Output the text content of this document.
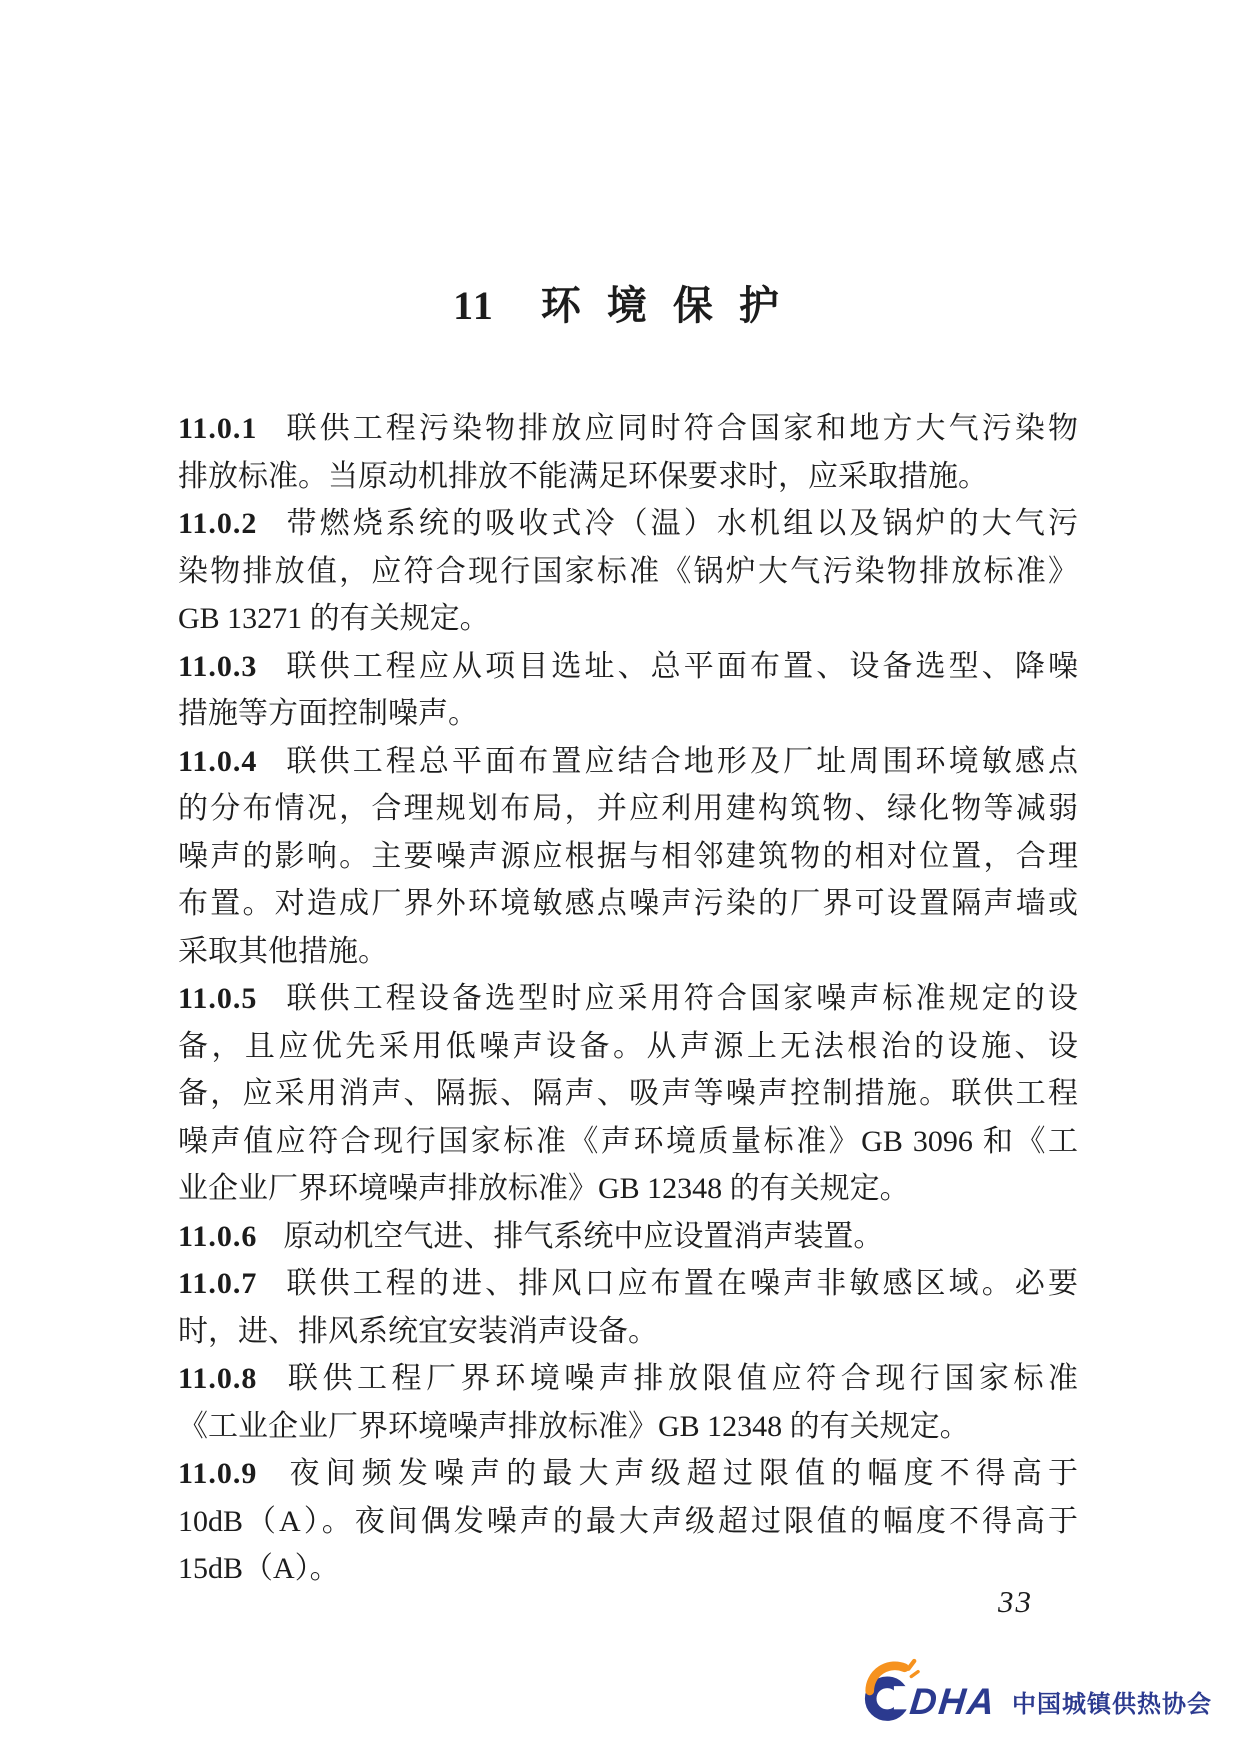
11 环 境 保 护
11.0.1 联供工程污染物排放应同时符合国家和地方大气污染物
排放标准。当原动机排放不能满足环保要求时，应采取措施。
11.0.2 带燃烧系统的吸收式冷（温）水机组以及锅炉的大气污
染物排放值，应符合现行国家标准《锅炉大气污染物排放标准》
GB 13271 的有关规定。
11.0.3 联供工程应从项目选址、总平面布置、设备选型、降噪
措施等方面控制噪声。
11.0.4 联供工程总平面布置应结合地形及厂址周围环境敏感点
的分布情况，合理规划布局，并应利用建构筑物、绿化物等减弱
噪声的影响。主要噪声源应根据与相邻建筑物的相对位置，合理
布置。对造成厂界外环境敏感点噪声污染的厂界可设置隔声墙或
采取其他措施。
11.0.5 联供工程设备选型时应采用符合国家噪声标准规定的设
备，且应优先采用低噪声设备。从声源上无法根治的设施、设
备，应采用消声、隔振、隔声、吸声等噪声控制措施。联供工程
噪声值应符合现行国家标准《声环境质量标准》GB 3096 和《工
业企业厂界环境噪声排放标准》GB 12348 的有关规定。
11.0.6 原动机空气进、排气系统中应设置消声装置。
11.0.7 联供工程的进、排风口应布置在噪声非敏感区域。必要
时，进、排风系统宜安装消声设备。
11.0.8 联供工程厂界环境噪声排放限值应符合现行国家标准
《工业企业厂界环境噪声排放标准》GB 12348 的有关规定。
11.0.9 夜间频发噪声的最大声级超过限值的幅度不得高于
10dB（A）。夜间偶发噪声的最大声级超过限值的幅度不得高于
15dB（A）。
33
DHA 中国城镇供热协会
